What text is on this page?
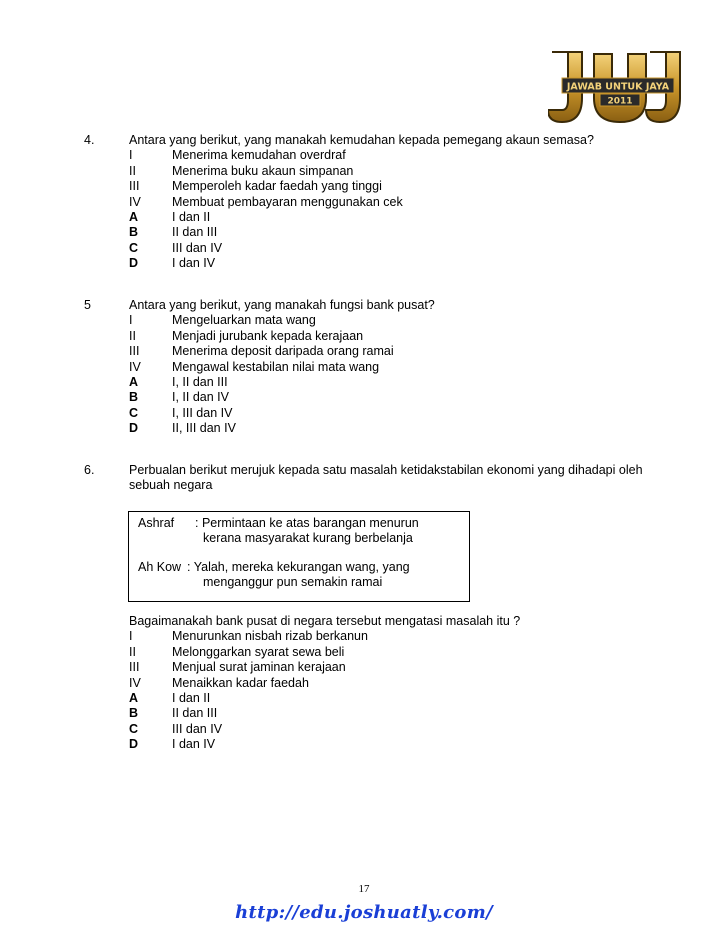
JAWAB UNTUK JAYA
2011
4.	Antara yang berikut, yang manakah kemudahan kepada pemegang akaun semasa?
I	Menerima kemudahan overdraf
II	Menerima buku akaun simpanan
III	Memperoleh kadar faedah yang tinggi
IV Membuat pembayaran menggunakan cek
A	I dan II
B	II dan III
C	III dan IV
D	I dan IV
5	Antara yang berikut, yang manakah fungsi bank pusat?
I	Mengeluarkan mata wang
II	Menjadi jurubank kepada kerajaan
III	Menerima deposit daripada orang ramai
IV Mengawal kestabilan nilai mata wang
A	I, II dan III
B	I, II dan IV
C	I, III dan IV
D	II, III dan IV
6.	Perbualan berikut merujuk kepada satu masalah ketidakstabilan ekonomi yang dihadapi oleh
sebuah negara
Ashraf : Permintaan ke atas barangan menurun
kerana masyarakat kurang berbelanja
Ah Kow : Yalah, mereka kekurangan wang, yang
menganggur pun semakin ramai
Bagaimanakah bank pusat di negara tersebut mengatasi masalah itu ?
I	Menurunkan nisbah rizab berkanun
II	Melonggarkan syarat sewa beli
III	Menjual surat jaminan kerajaan
IV Menaikkan kadar faedah
A	I dan II
B	II dan III
C	III dan IV
D	I dan IV
17
http://edu.joshuatly.com/
